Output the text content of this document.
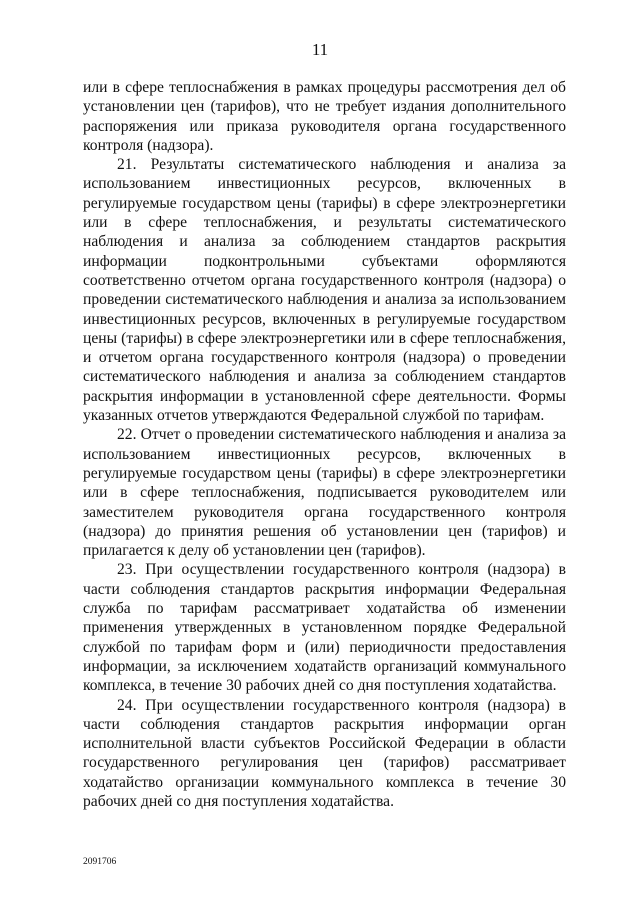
11

или в сфере теплоснабжения в рамках процедуры рассмотрения дел об установлении цен (тарифов), что не требует издания дополнительного распоряжения или приказа руководителя органа государственного контроля (надзора).

21. Результаты систематического наблюдения и анализа за использованием инвестиционных ресурсов, включенных в регулируемые государством цены (тарифы) в сфере электроэнергетики или в сфере теплоснабжения, и результаты систематического наблюдения и анализа за соблюдением стандартов раскрытия информации подконтрольными субъектами оформляются соответственно отчетом органа государственного контроля (надзора) о проведении систематического наблюдения и анализа за использованием инвестиционных ресурсов, включенных в регулируемые государством цены (тарифы) в сфере электроэнергетики или в сфере теплоснабжения, и отчетом органа государственного контроля (надзора) о проведении систематического наблюдения и анализа за соблюдением стандартов раскрытия информации в установленной сфере деятельности. Формы указанных отчетов утверждаются Федеральной службой по тарифам.

22. Отчет о проведении систематического наблюдения и анализа за использованием инвестиционных ресурсов, включенных в регулируемые государством цены (тарифы) в сфере электроэнергетики или в сфере теплоснабжения, подписывается руководителем или заместителем руководителя органа государственного контроля (надзора) до принятия решения об установлении цен (тарифов) и прилагается к делу об установлении цен (тарифов).

23. При осуществлении государственного контроля (надзора) в части соблюдения стандартов раскрытия информации Федеральная служба по тарифам рассматривает ходатайства об изменении применения утвержденных в установленном порядке Федеральной службой по тарифам форм и (или) периодичности предоставления информации, за исключением ходатайств организаций коммунального комплекса, в течение 30 рабочих дней со дня поступления ходатайства.

24. При осуществлении государственного контроля (надзора) в части соблюдения стандартов раскрытия информации орган исполнительной власти субъектов Российской Федерации в области государственного регулирования цен (тарифов) рассматривает ходатайство организации коммунального комплекса в течение 30 рабочих дней со дня поступления ходатайства.

2091706
